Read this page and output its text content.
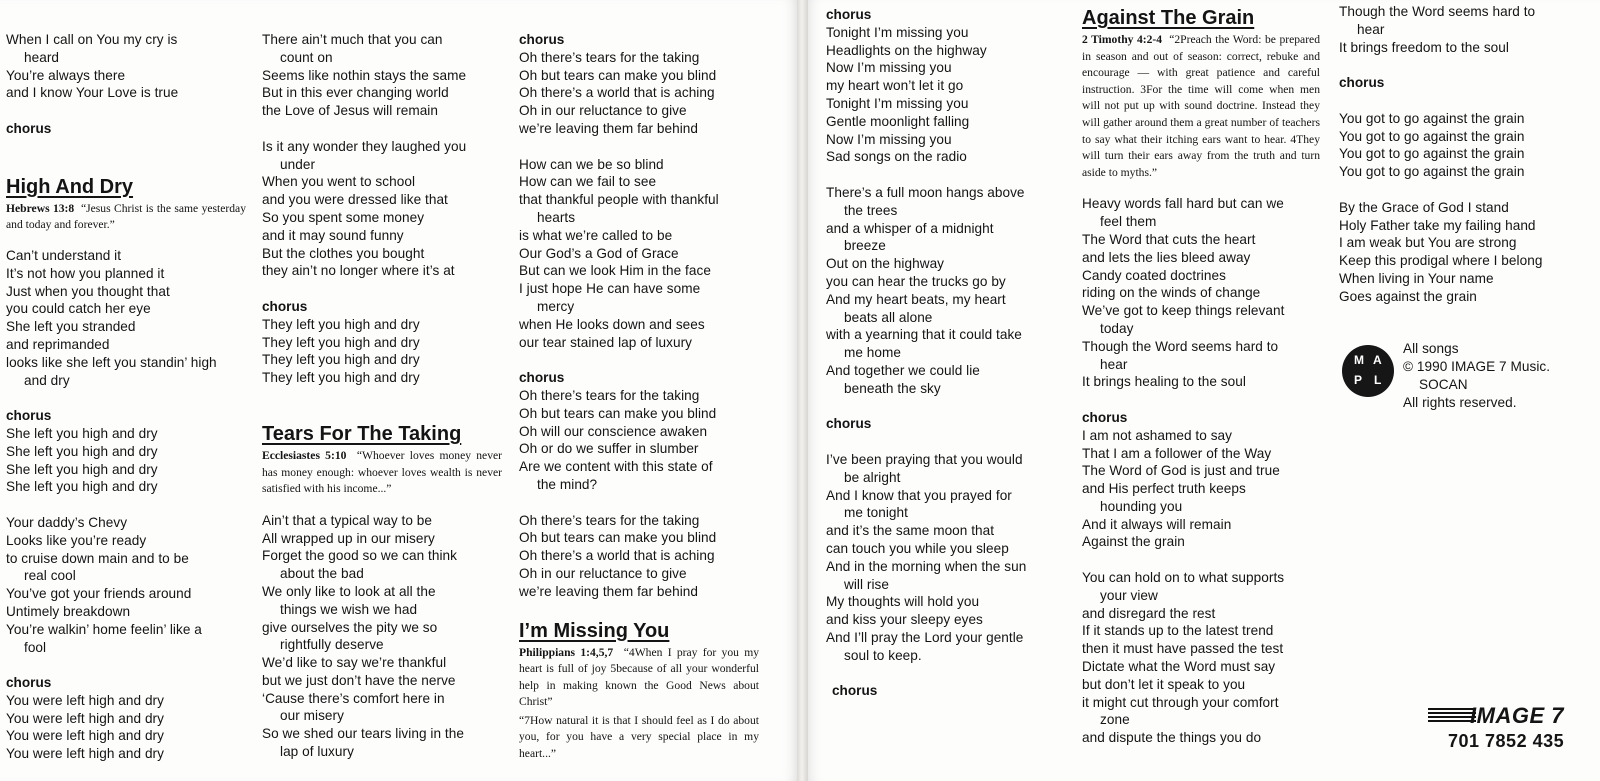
When I call on You my cry is
heard
You’re always there
and I know Your Love is true
chorus
High And Dry
Hebrews 13:8 “Jesus Christ is the same yesterday and today and forever.”
Can’t understand it
It’s not how you planned it
Just when you thought that
you could catch her eye
She left you stranded
and reprimanded
looks like she left you standin’ high
and dry
chorus
She left you high and dry
She left you high and dry
She left you high and dry
She left you high and dry
Your daddy’s Chevy
Looks like you’re ready
to cruise down main and to be
real cool
You’ve got your friends around
Untimely breakdown
You’re walkin’ home feelin’ like a
fool
chorus
You were left high and dry
You were left high and dry
You were left high and dry
You were left high and dry
There ain’t much that you can
count on
Seems like nothin stays the same
But in this ever changing world
the Love of Jesus will remain
Is it any wonder they laughed you
under
When you went to school
and you were dressed like that
So you spent some money
and it may sound funny
But the clothes you bought
they ain’t no longer where it’s at
chorus
They left you high and dry
They left you high and dry
They left you high and dry
They left you high and dry
Tears For The Taking
Ecclesiastes 5:10 “Whoever loves money never has money enough: whoever loves wealth is never satisfied with his income...”
Ain’t that a typical way to be
All wrapped up in our misery
Forget the good so we can think
about the bad
We only like to look at all the
things we wish we had
give ourselves the pity we so
rightfully deserve
We’d like to say we’re thankful
but we just don’t have the nerve
‘Cause there’s comfort here in
our misery
So we shed our tears living in the
lap of luxury
chorus
Oh there’s tears for the taking
Oh but tears can make you blind
Oh there’s a world that is aching
Oh in our reluctance to give
we’re leaving them far behind
How can we be so blind
How can we fail to see
that thankful people with thankful
hearts
is what we’re called to be
Our God’s a God of Grace
But can we look Him in the face
I just hope He can have some
mercy
when He looks down and sees
our tear stained lap of luxury
chorus
Oh there’s tears for the taking
Oh but tears can make you blind
Oh will our conscience awaken
Oh or do we suffer in slumber
Are we content with this state of
the mind?
Oh there’s tears for the taking
Oh but tears can make you blind
Oh there’s a world that is aching
Oh in our reluctance to give
we’re leaving them far behind
I’m Missing You
Philippians 1:4,5,7 “4When I pray for you my heart is full of joy 5because of all your wonderful help in making known the Good News about Christ”
“7How natural it is that I should feel as I do about you, for you have a very special place in my heart...”
chorus
Tonight I’m missing you
Headlights on the highway
Now I’m missing you
my heart won’t let it go
Tonight I’m missing you
Gentle moonlight falling
Now I’m missing you
Sad songs on the radio
There’s a full moon hangs above
the trees
and a whisper of a midnight
breeze
Out on the highway
you can hear the trucks go by
And my heart beats, my heart
beats all alone
with a yearning that it could take
me home
And together we could lie
beneath the sky
chorus
I’ve been praying that you would
be alright
And I know that you prayed for
me tonight
and it’s the same moon that
can touch you while you sleep
And in the morning when the sun
will rise
My thoughts will hold you
and kiss your sleepy eyes
And I’ll pray the Lord your gentle
soul to keep.
chorus
Against The Grain
2 Timothy 4:2-4 “2Preach the Word: be prepared in season and out of season: correct, rebuke and encourage — with great patience and careful instruction. 3For the time will come when men will not put up with sound doctrine. Instead they will gather around them a great number of teachers to say what their itching ears want to hear. 4They will turn their ears away from the truth and turn aside to myths.”
Heavy words fall hard but can we
feel them
The Word that cuts the heart
and lets the lies bleed away
Candy coated doctrines
riding on the winds of change
We’ve got to keep things relevant
today
Though the Word seems hard to
hear
It brings healing to the soul
chorus
I am not ashamed to say
That I am a follower of the Way
The Word of God is just and true
and His perfect truth keeps
hounding you
And it always will remain
Against the grain
You can hold on to what supports
your view
and disregard the rest
If it stands up to the latest trend
then it must have passed the test
Dictate what the Word must say
but don’t let it speak to you
it might cut through your comfort
zone
and dispute the things you do
Though the Word seems hard to
hear
It brings freedom to the soul
chorus
You got to go against the grain
You got to go against the grain
You got to go against the grain
You got to go against the grain
By the Grace of God I stand
Holy Father take my failing hand
I am weak but You are strong
Keep this prodigal where I belong
When living in Your name
Goes against the grain
M A
P L
All songs
© 1990 IMAGE 7 Music.
SOCAN
All rights reserved.
IMAGE 7
701 7852 435
